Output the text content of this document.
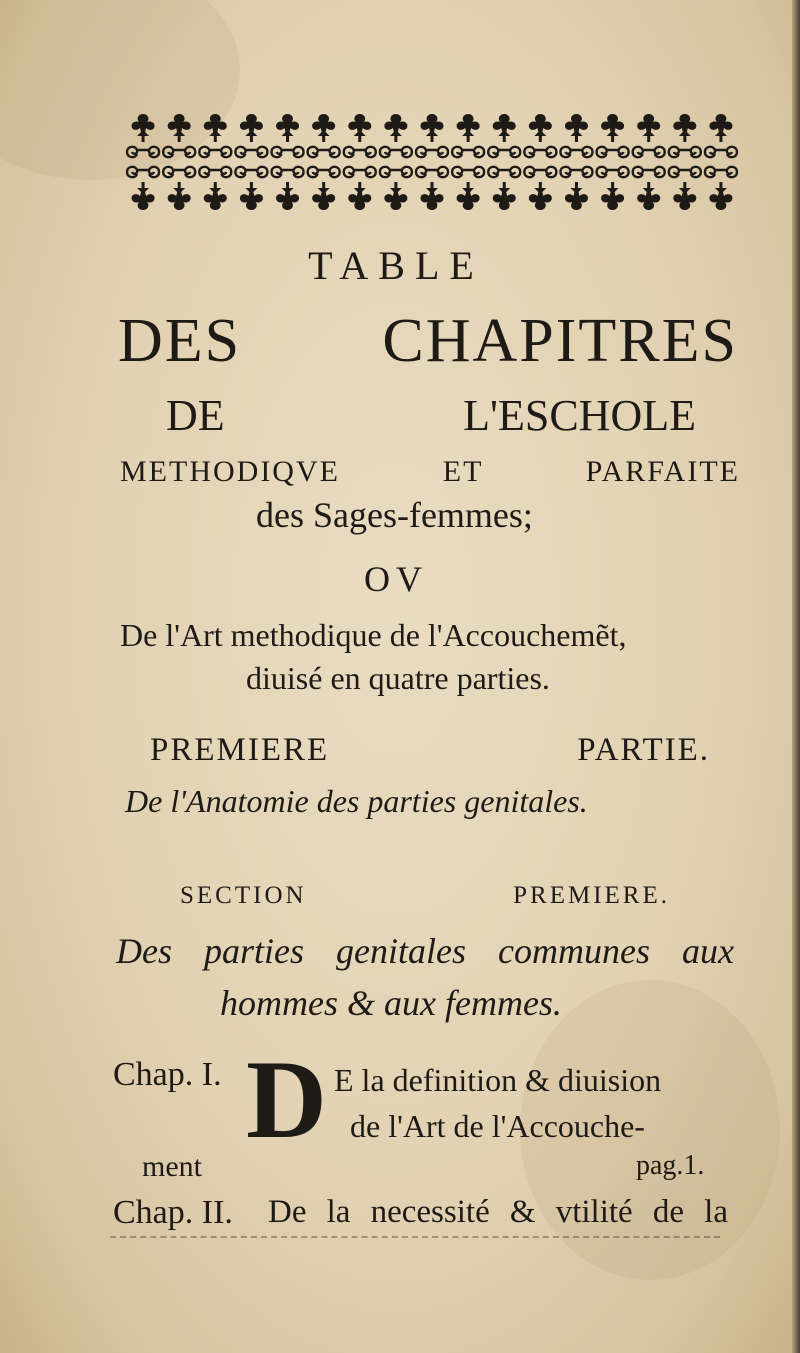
TABLE
DES CHAPITRES
DE L'ESCHOLE
METHODIQVE ET PARFAITE
des Sages-femmes;
OV
De l'Art methodique de l'Accouchemẽt,
diuisé en quatre parties.
PREMIERE PARTIE.
De l'Anatomie des parties genitales.
SECTION PREMIERE.
Des parties genitales communes aux
hommes & aux femmes.
Chap. I. D E la definition & diuision
de l'Art de l'Accouche-
ment	pag.1.
Chap. II. De la necessité & vtilité de la
